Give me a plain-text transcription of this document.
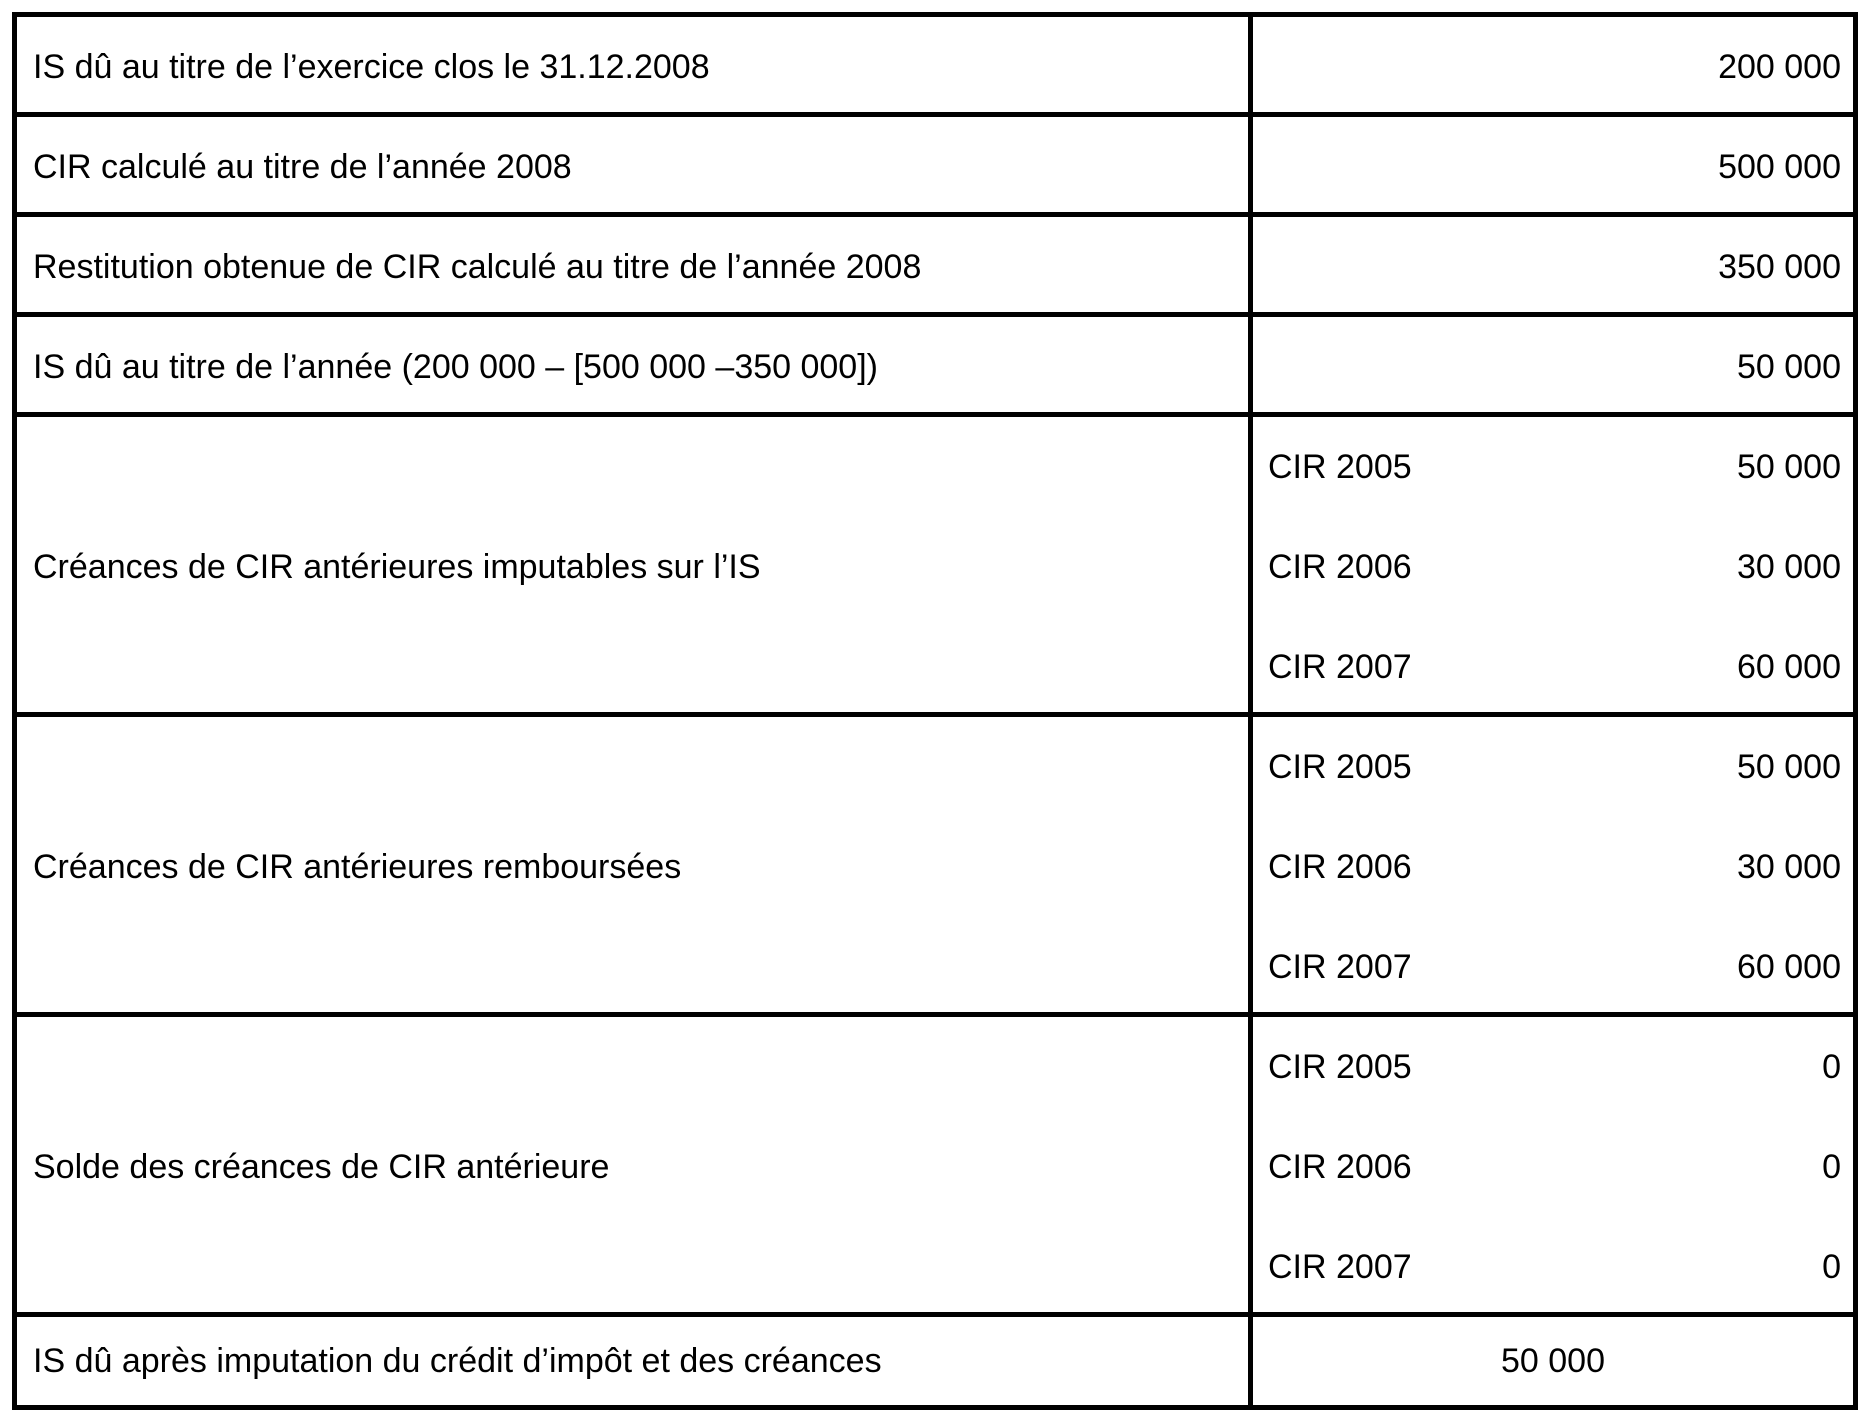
IS dû au titre de l’exercice clos le 31.12.2008	200 000
CIR calculé au titre de l’année 2008	500 000
Restitution obtenue de CIR calculé au titre de l’année 2008	350 000
IS dû au titre de l’année (200 000 – [500 000 –350 000])	50 000
Créances de CIR antérieures imputables sur l’IS
CIR 2005	50 000
CIR 2006	30 000
CIR 2007	60 000
Créances de CIR antérieures remboursées
CIR 2005	50 000
CIR 2006	30 000
CIR 2007	60 000
Solde des créances de CIR antérieure
CIR 2005	0
CIR 2006	0
CIR 2007	0
IS dû après imputation du crédit d’impôt et des créances	50 000
